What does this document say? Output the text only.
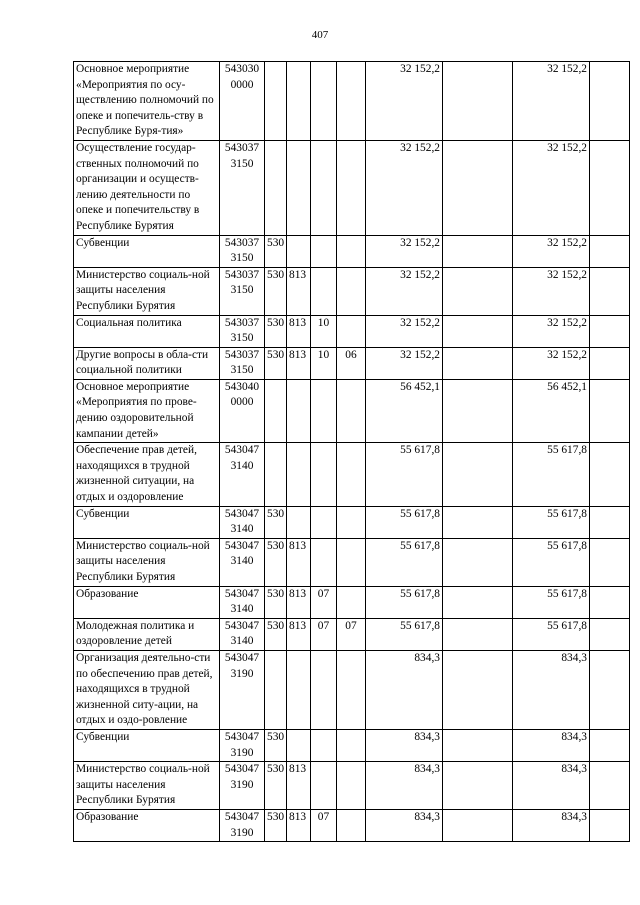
407
Основное мероприятие «Мероприятия по осу-ществлению полномочий по опеке и попечитель-ству в Республике Буря-тия»	543030 0000					32 152,2		32 152,2	
Осуществление государ-ственных полномочий по организации и осуществ-лению деятельности по опеке и попечительству в Республике Бурятия	543037 3150					32 152,2		32 152,2	
Субвенции	543037 3150	530				32 152,2		32 152,2	
Министерство социаль-ной защиты населения Республики Бурятия	543037 3150	530	813			32 152,2		32 152,2	
Социальная политика	543037 3150	530	813	10		32 152,2		32 152,2	
Другие вопросы в обла-сти социальной политики	543037 3150	530	813	10	06	32 152,2		32 152,2	
Основное мероприятие «Мероприятия по прове-дению оздоровительной кампании детей»	543040 0000					56 452,1		56 452,1	
Обеспечение прав детей, находящихся в трудной жизненной ситуации, на отдых и оздоровление	543047 3140					55 617,8		55 617,8	
Субвенции	543047 3140	530				55 617,8		55 617,8	
Министерство социаль-ной защиты населения Республики Бурятия	543047 3140	530	813			55 617,8		55 617,8	
Образование	543047 3140	530	813	07		55 617,8		55 617,8	
Молодежная политика и оздоровление детей	543047 3140	530	813	07	07	55 617,8		55 617,8	
Организация деятельно-сти по обеспечению прав детей, находящихся в трудной жизненной ситу-ации, на отдых и оздо-ровление	543047 3190					834,3		834,3	
Субвенции	543047 3190	530				834,3		834,3	
Министерство социаль-ной защиты населения Республики Бурятия	543047 3190	530	813			834,3		834,3	
Образование	543047 3190	530	813	07		834,3		834,3	
